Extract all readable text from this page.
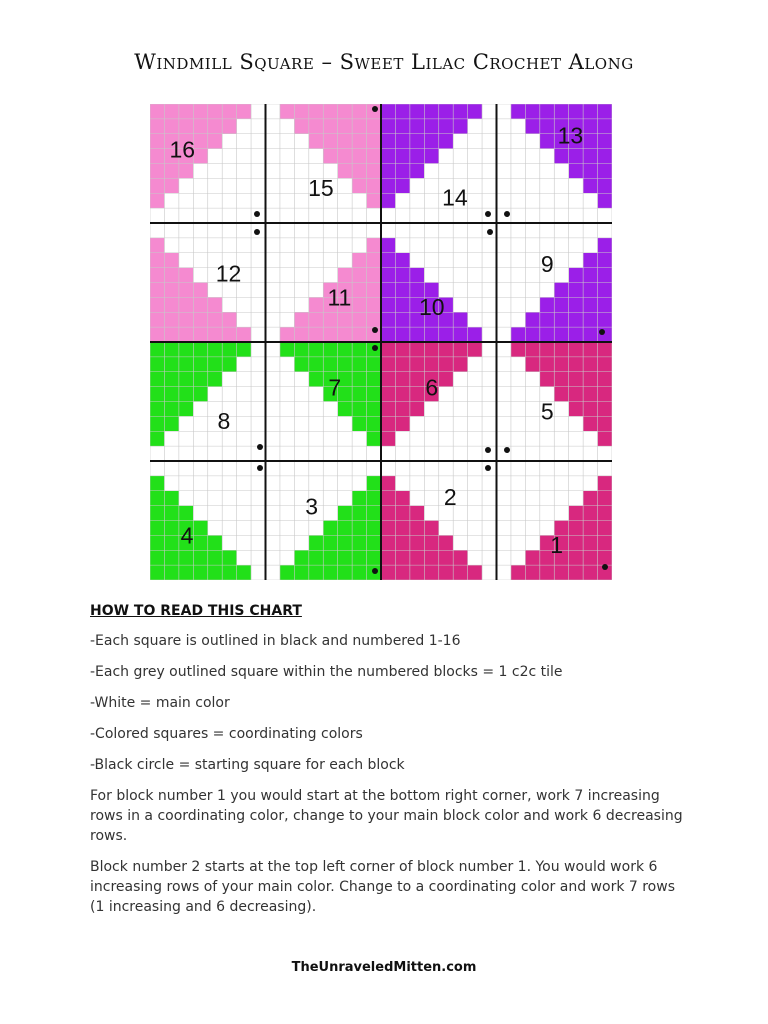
Windmill Square – Sweet Lilac Crochet Along
16
15	14
13
12
11	10
9
8
7	6
5
4
3	2
1
HOW TO READ THIS CHART
-Each square is outlined in black and numbered 1-16
-Each grey outlined square within the numbered blocks = 1 c2c tile
-White = main color
-Colored squares = coordinating colors
-Black circle = starting square for each block
For block number 1 you would start at the bottom right corner, work 7 increasing rows in a coordinating color, change to your main block color and work 6 decreasing rows.
Block number 2 starts at the top left corner of block number 1. You would work 6 increasing rows of your main color. Change to a coordinating color and work 7 rows (1 increasing and 6 decreasing).
TheUnraveledMitten.com
